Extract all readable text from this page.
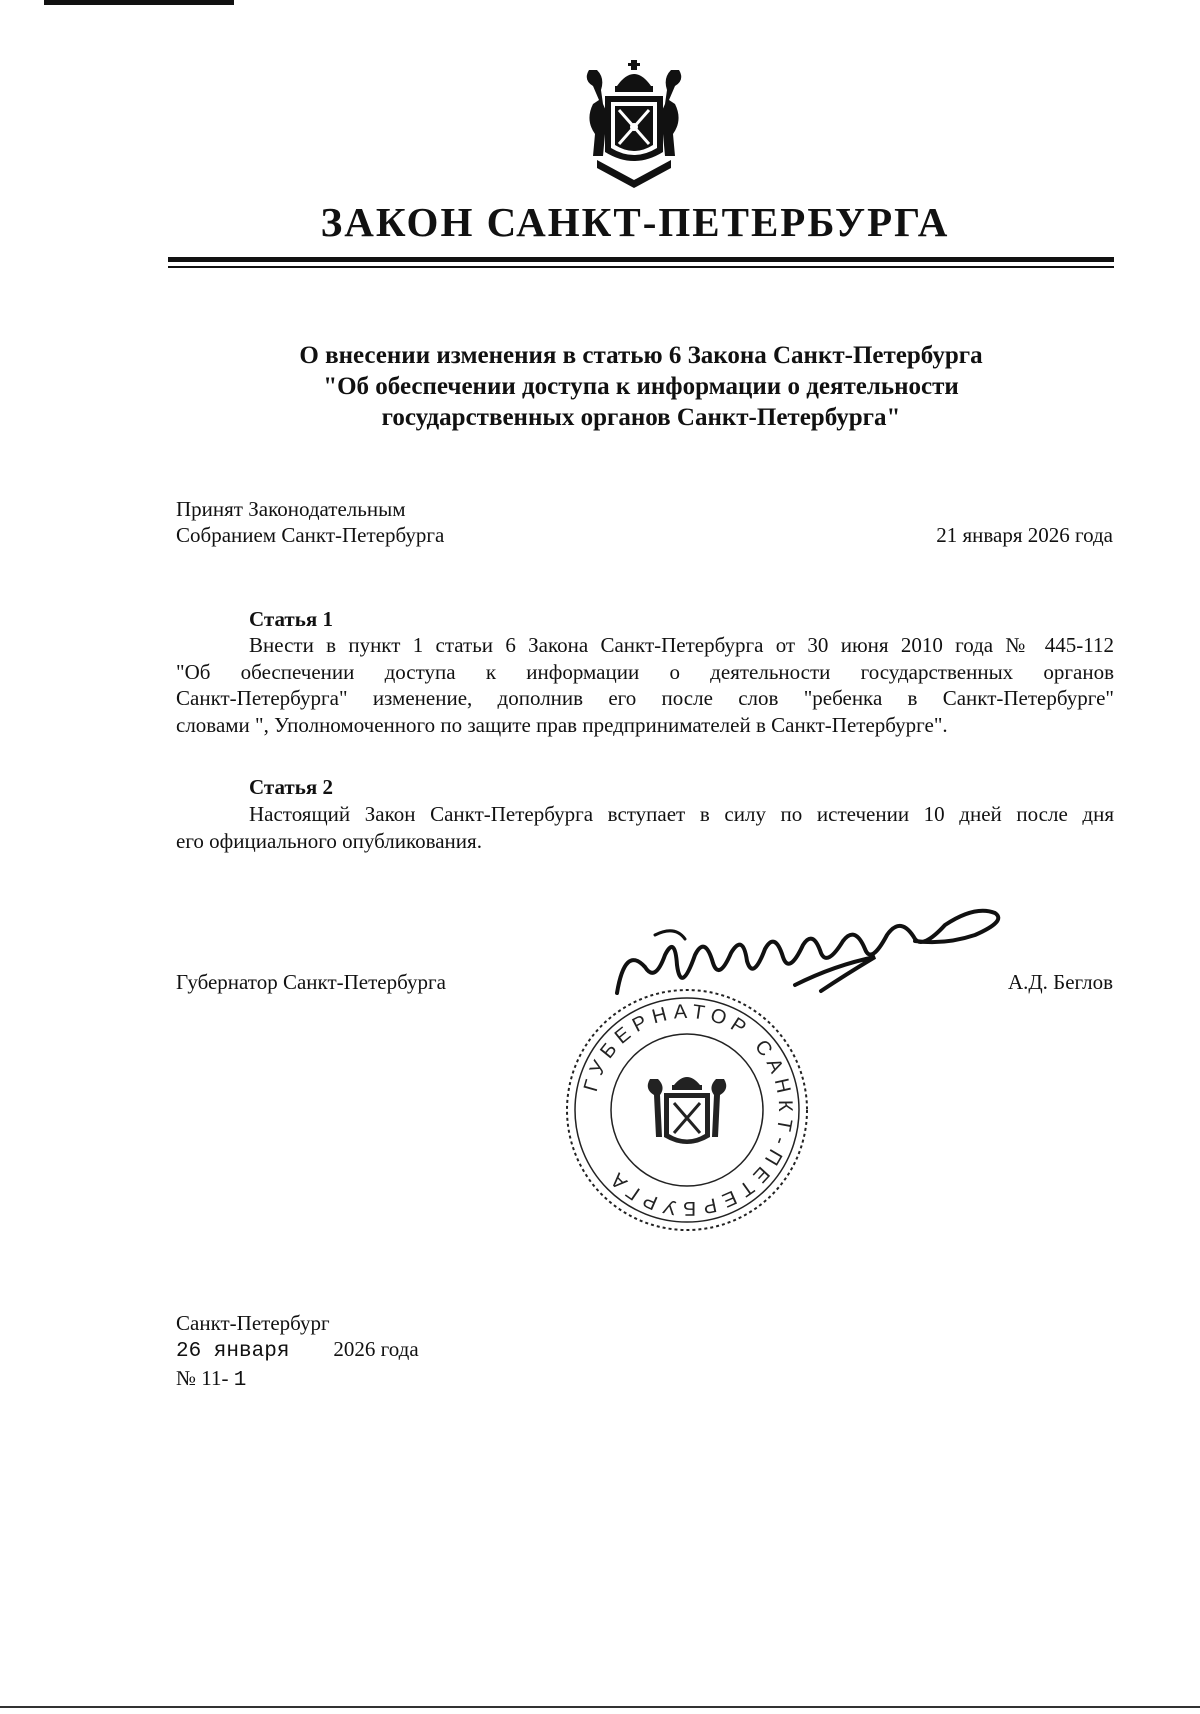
ЗАКОН САНКТ-ПЕТЕРБУРГА
О внесении изменения в статью 6 Закона Санкт-Петербурга
"Об обеспечении доступа к информации о деятельности
государственных органов Санкт-Петербурга"
Принят Законодательным
Собранием Санкт-Петербурга	21 января 2026 года
Статья 1
Внести в пункт 1 статьи 6 Закона Санкт-Петербурга от 30 июня 2010 года № 445-112
"Об обеспечении доступа к информации о деятельности государственных органов
Санкт-Петербурга" изменение, дополнив его после слов "ребенка в Санкт-Петербурге"
словами ", Уполномоченного по защите прав предпринимателей в Санкт-Петербурге".
Статья 2
Настоящий Закон Санкт-Петербурга вступает в силу по истечении 10 дней после дня
его официального опубликования.
Губернатор Санкт-Петербурга	А.Д. Беглов
ГУБЕРНАТОР САНКТ-ПЕТЕРБУРГА
Санкт-Петербург
26 января 2026 года
№ 11- 1
